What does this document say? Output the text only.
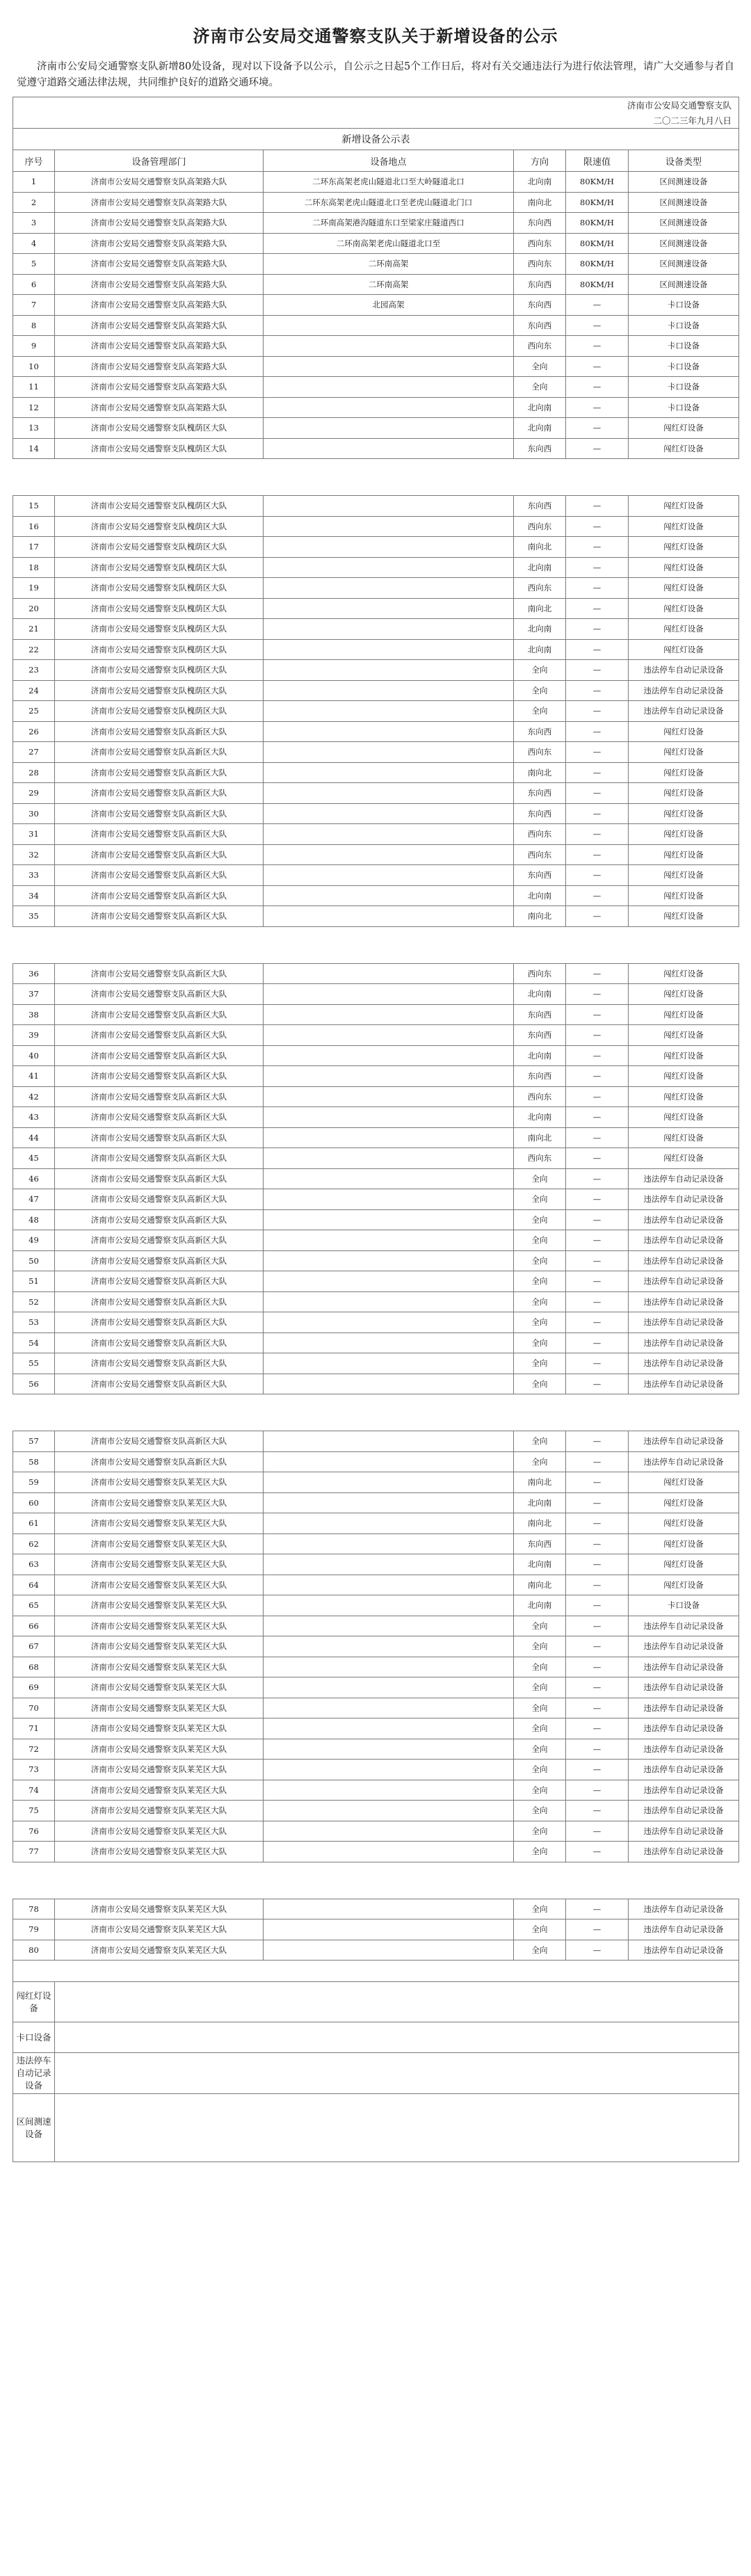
济南市公安局交通警察支队关于新增设备的公示

济南市公安局交通警察支队新增80处设备，现对以下设备予以公示，自公示之日起5个工作日后，将对有关交通违法行为进行依法管理，请广大交通参与者自觉遵守道路交通法律法规，共同维护良好的道路交通环境。

济南市公安局交通警察支队					
二〇二三年九月八日					
新增设备公示表					
序号	设备管理部门	设备地点	方向	限速值	设备类型
1	济南市公安局交通警察支队高架路大队	二环东高架老虎山隧道北口至大岭隧道北口	北向南	80KM/H	区间测速设备
2	济南市公安局交通警察支队高架路大队	二环东高架老虎山隧道北口至老虎山隧道北门口	南向北	80KM/H	区间测速设备
3	济南市公安局交通警察支队高架路大队	二环南高架港沟隧道东口至梁家庄隧道西口	东向西	80KM/H	区间测速设备
4	济南市公安局交通警察支队高架路大队	二环南高架老虎山隧道北口至	西向东	80KM/H	区间测速设备
5	济南市公安局交通警察支队高架路大队	二环南高架	西向东	80KM/H	区间测速设备
6	济南市公安局交通警察支队高架路大队	二环南高架	东向西	80KM/H	区间测速设备
7	济南市公安局交通警察支队高架路大队	北园高架	东向西	—	卡口设备
8	济南市公安局交通警察支队高架路大队		东向西	—	卡口设备
9	济南市公安局交通警察支队高架路大队		西向东	—	卡口设备
10	济南市公安局交通警察支队高架路大队		全向	—	卡口设备
11	济南市公安局交通警察支队高架路大队		全向	—	卡口设备
12	济南市公安局交通警察支队高架路大队		北向南	—	卡口设备
13	济南市公安局交通警察支队槐荫区大队		北向南	—	闯红灯设备
14	济南市公安局交通警察支队槐荫区大队		东向西	—	闯红灯设备

15	济南市公安局交通警察支队槐荫区大队		东向西	—	闯红灯设备
16	济南市公安局交通警察支队槐荫区大队		西向东	—	闯红灯设备
17	济南市公安局交通警察支队槐荫区大队		南向北	—	闯红灯设备
18	济南市公安局交通警察支队槐荫区大队		北向南	—	闯红灯设备
19	济南市公安局交通警察支队槐荫区大队		西向东	—	闯红灯设备
20	济南市公安局交通警察支队槐荫区大队		南向北	—	闯红灯设备
21	济南市公安局交通警察支队槐荫区大队		北向南	—	闯红灯设备
22	济南市公安局交通警察支队槐荫区大队		北向南	—	闯红灯设备
23	济南市公安局交通警察支队槐荫区大队		全向	—	违法停车自动记录设备
24	济南市公安局交通警察支队槐荫区大队		全向	—	违法停车自动记录设备
25	济南市公安局交通警察支队槐荫区大队		全向	—	违法停车自动记录设备
26	济南市公安局交通警察支队高新区大队		东向西	—	闯红灯设备
27	济南市公安局交通警察支队高新区大队		西向东	—	闯红灯设备
28	济南市公安局交通警察支队高新区大队		南向北	—	闯红灯设备
29	济南市公安局交通警察支队高新区大队		东向西	—	闯红灯设备
30	济南市公安局交通警察支队高新区大队		东向西	—	闯红灯设备
31	济南市公安局交通警察支队高新区大队		西向东	—	闯红灯设备
32	济南市公安局交通警察支队高新区大队		西向东	—	闯红灯设备
33	济南市公安局交通警察支队高新区大队		东向西	—	闯红灯设备
34	济南市公安局交通警察支队高新区大队		北向南	—	闯红灯设备
35	济南市公安局交通警察支队高新区大队		南向北	—	闯红灯设备

36	济南市公安局交通警察支队高新区大队		西向东	—	闯红灯设备
37	济南市公安局交通警察支队高新区大队		北向南	—	闯红灯设备
38	济南市公安局交通警察支队高新区大队		东向西	—	闯红灯设备
39	济南市公安局交通警察支队高新区大队		东向西	—	闯红灯设备
40	济南市公安局交通警察支队高新区大队		北向南	—	闯红灯设备
41	济南市公安局交通警察支队高新区大队		东向西	—	闯红灯设备
42	济南市公安局交通警察支队高新区大队		西向东	—	闯红灯设备
43	济南市公安局交通警察支队高新区大队		北向南	—	闯红灯设备
44	济南市公安局交通警察支队高新区大队		南向北	—	闯红灯设备
45	济南市公安局交通警察支队高新区大队		西向东	—	闯红灯设备
46	济南市公安局交通警察支队高新区大队		全向	—	违法停车自动记录设备
47	济南市公安局交通警察支队高新区大队		全向	—	违法停车自动记录设备
48	济南市公安局交通警察支队高新区大队		全向	—	违法停车自动记录设备
49	济南市公安局交通警察支队高新区大队		全向	—	违法停车自动记录设备
50	济南市公安局交通警察支队高新区大队		全向	—	违法停车自动记录设备
51	济南市公安局交通警察支队高新区大队		全向	—	违法停车自动记录设备
52	济南市公安局交通警察支队高新区大队		全向	—	违法停车自动记录设备
53	济南市公安局交通警察支队高新区大队		全向	—	违法停车自动记录设备
54	济南市公安局交通警察支队高新区大队		全向	—	违法停车自动记录设备
55	济南市公安局交通警察支队高新区大队		全向	—	违法停车自动记录设备
56	济南市公安局交通警察支队高新区大队		全向	—	违法停车自动记录设备

57	济南市公安局交通警察支队高新区大队		全向	—	违法停车自动记录设备
58	济南市公安局交通警察支队高新区大队		全向	—	违法停车自动记录设备
59	济南市公安局交通警察支队莱芜区大队		南向北	—	闯红灯设备
60	济南市公安局交通警察支队莱芜区大队		北向南	—	闯红灯设备
61	济南市公安局交通警察支队莱芜区大队		南向北	—	闯红灯设备
62	济南市公安局交通警察支队莱芜区大队		东向西	—	闯红灯设备
63	济南市公安局交通警察支队莱芜区大队		北向南	—	闯红灯设备
64	济南市公安局交通警察支队莱芜区大队		南向北	—	闯红灯设备
65	济南市公安局交通警察支队莱芜区大队		北向南	—	卡口设备
66	济南市公安局交通警察支队莱芜区大队		全向	—	违法停车自动记录设备
67	济南市公安局交通警察支队莱芜区大队		全向	—	违法停车自动记录设备
68	济南市公安局交通警察支队莱芜区大队		全向	—	违法停车自动记录设备
69	济南市公安局交通警察支队莱芜区大队		全向	—	违法停车自动记录设备
70	济南市公安局交通警察支队莱芜区大队		全向	—	违法停车自动记录设备
71	济南市公安局交通警察支队莱芜区大队		全向	—	违法停车自动记录设备
72	济南市公安局交通警察支队莱芜区大队		全向	—	违法停车自动记录设备
73	济南市公安局交通警察支队莱芜区大队		全向	—	违法停车自动记录设备
74	济南市公安局交通警察支队莱芜区大队		全向	—	违法停车自动记录设备
75	济南市公安局交通警察支队莱芜区大队		全向	—	违法停车自动记录设备
76	济南市公安局交通警察支队莱芜区大队		全向	—	违法停车自动记录设备
77	济南市公安局交通警察支队莱芜区大队		全向	—	违法停车自动记录设备

78	济南市公安局交通警察支队莱芜区大队		全向	—	违法停车自动记录设备
79	济南市公安局交通警察支队莱芜区大队		全向	—	违法停车自动记录设备
80	济南市公安局交通警察支队莱芜区大队		全向	—	违法停车自动记录设备

闯红灯设备					
卡口设备					
违法停车自动记录设备					
区间测速设备					
